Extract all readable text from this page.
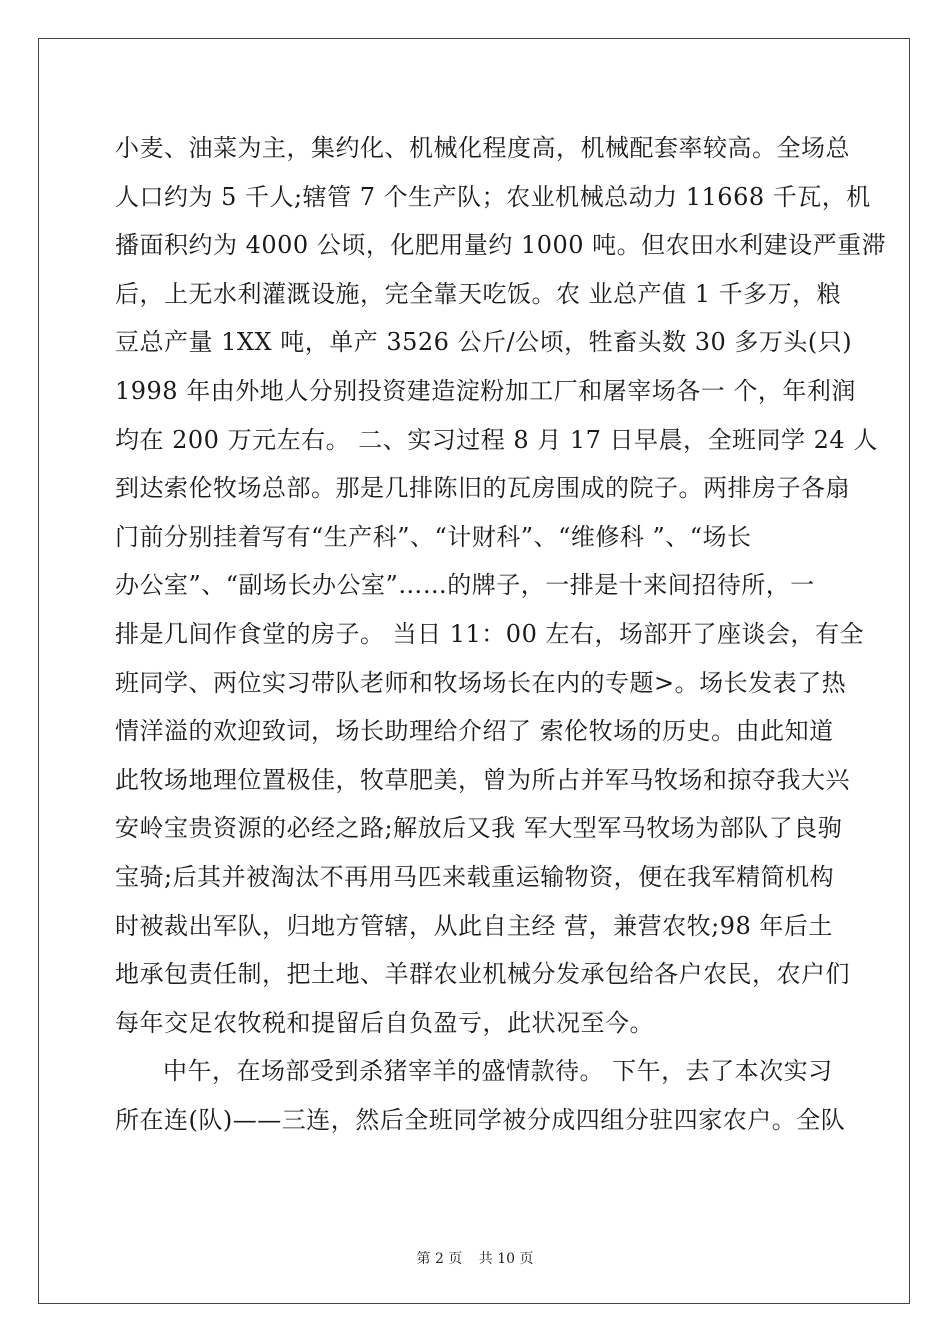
小麦、油菜为主，集约化、机械化程度高，机械配套率较高。全场总
人口约为 5 千人;辖管 7 个生产队；农业机械总动力 11668 千瓦，机
播面积约为 4000 公顷，化肥用量约 1000 吨。但农田水利建设严重滞
后，上无水利灌溉设施，完全靠天吃饭。农 业总产值 1 千多万，粮
豆总产量 1XX 吨，单产 3526 公斤/公顷，牲畜头数 30 多万头(只)
1998 年由外地人分别投资建造淀粉加工厂和屠宰场各一 个，年利润
均在 200 万元左右。 二、实习过程 8 月 17 日早晨，全班同学 24 人
到达索伦牧场总部。那是几排陈旧的瓦房围成的院子。两排房子各扇
门前分别挂着写有“生产科”、“计财科”、“维修科 ”、“场长
办公室”、“副场长办公室”……的牌子，一排是十来间招待所，一
排是几间作食堂的房子。 当日 11：00 左右，场部开了座谈会，有全
班同学、两位实习带队老师和牧场场长在内的专题>。场长发表了热
情洋溢的欢迎致词，场长助理给介绍了 索伦牧场的历史。由此知道
此牧场地理位置极佳，牧草肥美，曾为所占并军马牧场和掠夺我大兴
安岭宝贵资源的必经之路;解放后又我 军大型军马牧场为部队了良驹
宝骑;后其并被淘汰不再用马匹来载重运输物资，便在我军精简机构
时被裁出军队，归地方管辖，从此自主经 营，兼营农牧;98 年后土
地承包责任制，把土地、羊群农业机械分发承包给各户农民，农户们
每年交足农牧税和提留后自负盈亏，此状况至今。
中午，在场部受到杀猪宰羊的盛情款待。 下午，去了本次实习
所在连(队)——三连，然后全班同学被分成四组分驻四家农户。全队
第 2 页 共 10 页
